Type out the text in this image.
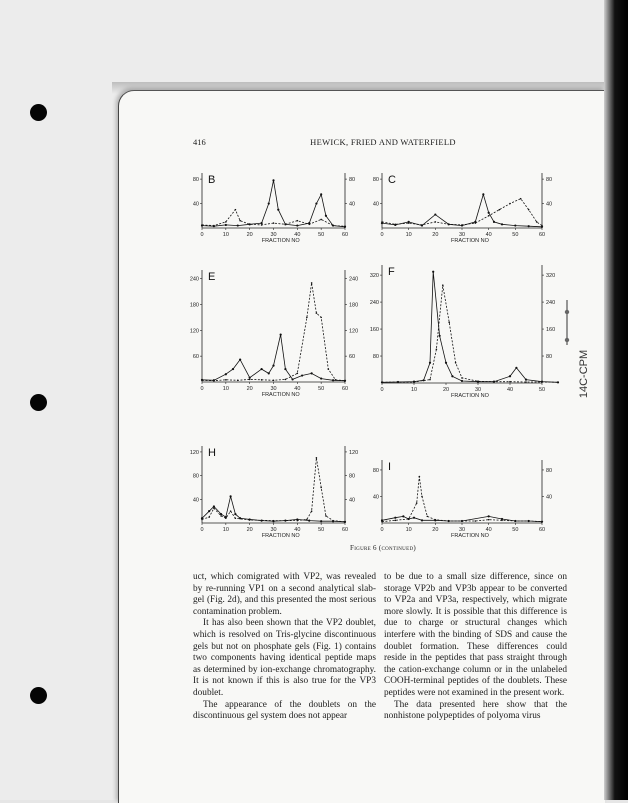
416	HEWICK, FRIED AND WATERFIELD
B
0	10	20	30	40	50	60
FRACTION NO
40
80
40
80	C
0	10	20	30	40	50	60
FRACTION NO
40
80
40
80
E
0	10	20	30	40	50	60
FRACTION NO
60
120
180
240
60
120
180
240
F
0	10	20	30	40	50
FRACTION NO
80
160
240
320
80
160
240
320
H
0	10	20	30	40	50	60
FRACTION NO
40
80
120
40
80
120
I
0	10	20	30	40	50	60
FRACTION NO
40
80
40
80
Figure 6 (continued)
14C-CPM

uct, which comigrated with VP2, was revealed by re-running VP1 on a second analytical slab-gel (Fig. 2d), and this presented the most serious contamination problem.

It has also been shown that the VP2 doublet, which is resolved on Tris-glycine discontinuous gels but not on phosphate gels (Fig. 1) contains two components having identical peptide maps as determined by ion-exchange chromatography. It is not known if this is also true for the VP3 doublet.

The appearance of the doublets on the discontinuous gel system does not appear

to be due to a small size difference, since on storage VP2b and VP3b appear to be converted to VP2a and VP3a, respectively, which migrate more slowly. It is possible that this difference is due to charge or structural changes which interfere with the binding of SDS and cause the doublet formation. These differences could reside in the peptides that pass straight through the cation-exchange column or in the unlabeled COOH-terminal peptides of the doublets. These peptides were not examined in the present work.

The data presented here show that the nonhistone polypeptides of polyoma virus
